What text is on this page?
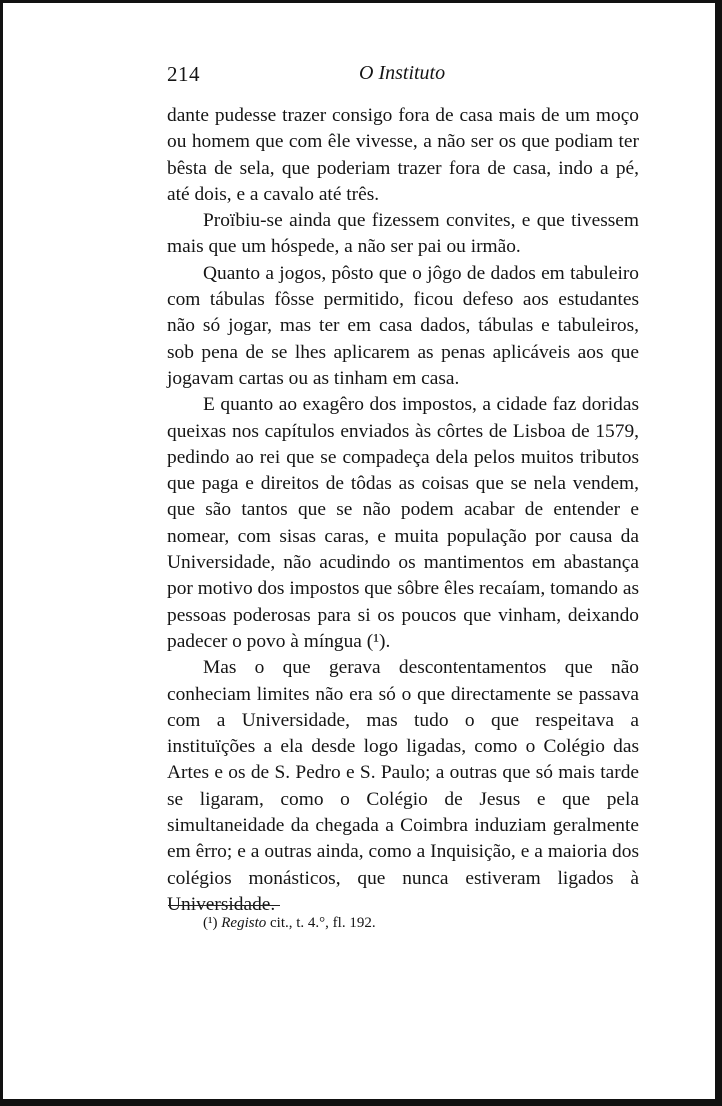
214	O Instituto

dante pudesse trazer consigo fora de casa mais de um moço ou homem que com êle vivesse, a não ser os que podiam ter bêsta de sela, que poderiam trazer fora de casa, indo a pé, até dois, e a cavalo até três.

Proïbiu-se ainda que fizessem convites, e que tivessem mais que um hóspede, a não ser pai ou irmão.

Quanto a jogos, pôsto que o jôgo de dados em tabuleiro com tábulas fôsse permitido, ficou defeso aos estudantes não só jogar, mas ter em casa dados, tábulas e tabuleiros, sob pena de se lhes aplicarem as penas aplicáveis aos que jogavam cartas ou as tinham em casa.

E quanto ao exagêro dos impostos, a cidade faz doridas queixas nos capítulos enviados às côrtes de Lisboa de 1579, pedindo ao rei que se compadeça dela pelos muitos tributos que paga e direitos de tôdas as coisas que se nela vendem, que são tantos que se não podem acabar de entender e nomear, com sisas caras, e muita população por causa da Universidade, não acudindo os mantimentos em abastança por motivo dos impostos que sôbre êles recaíam, tomando as pessoas poderosas para si os poucos que vinham, deixando padecer o povo à míngua (¹).

Mas o que gerava descontentamentos que não conheciam limites não era só o que directamente se passava com a Universidade, mas tudo o que respeitava a instituïções a ela desde logo ligadas, como o Colégio das Artes e os de S. Pedro e S. Paulo; a outras que só mais tarde se ligaram, como o Colégio de Jesus e que pela simultaneidade da chegada a Coimbra induziam geralmente em êrro; e a outras ainda, como a Inquisição, e a maioria dos colégios monásticos, que nunca estiveram ligados à Universidade.

(¹) Registo cit., t. 4.°, fl. 192.
